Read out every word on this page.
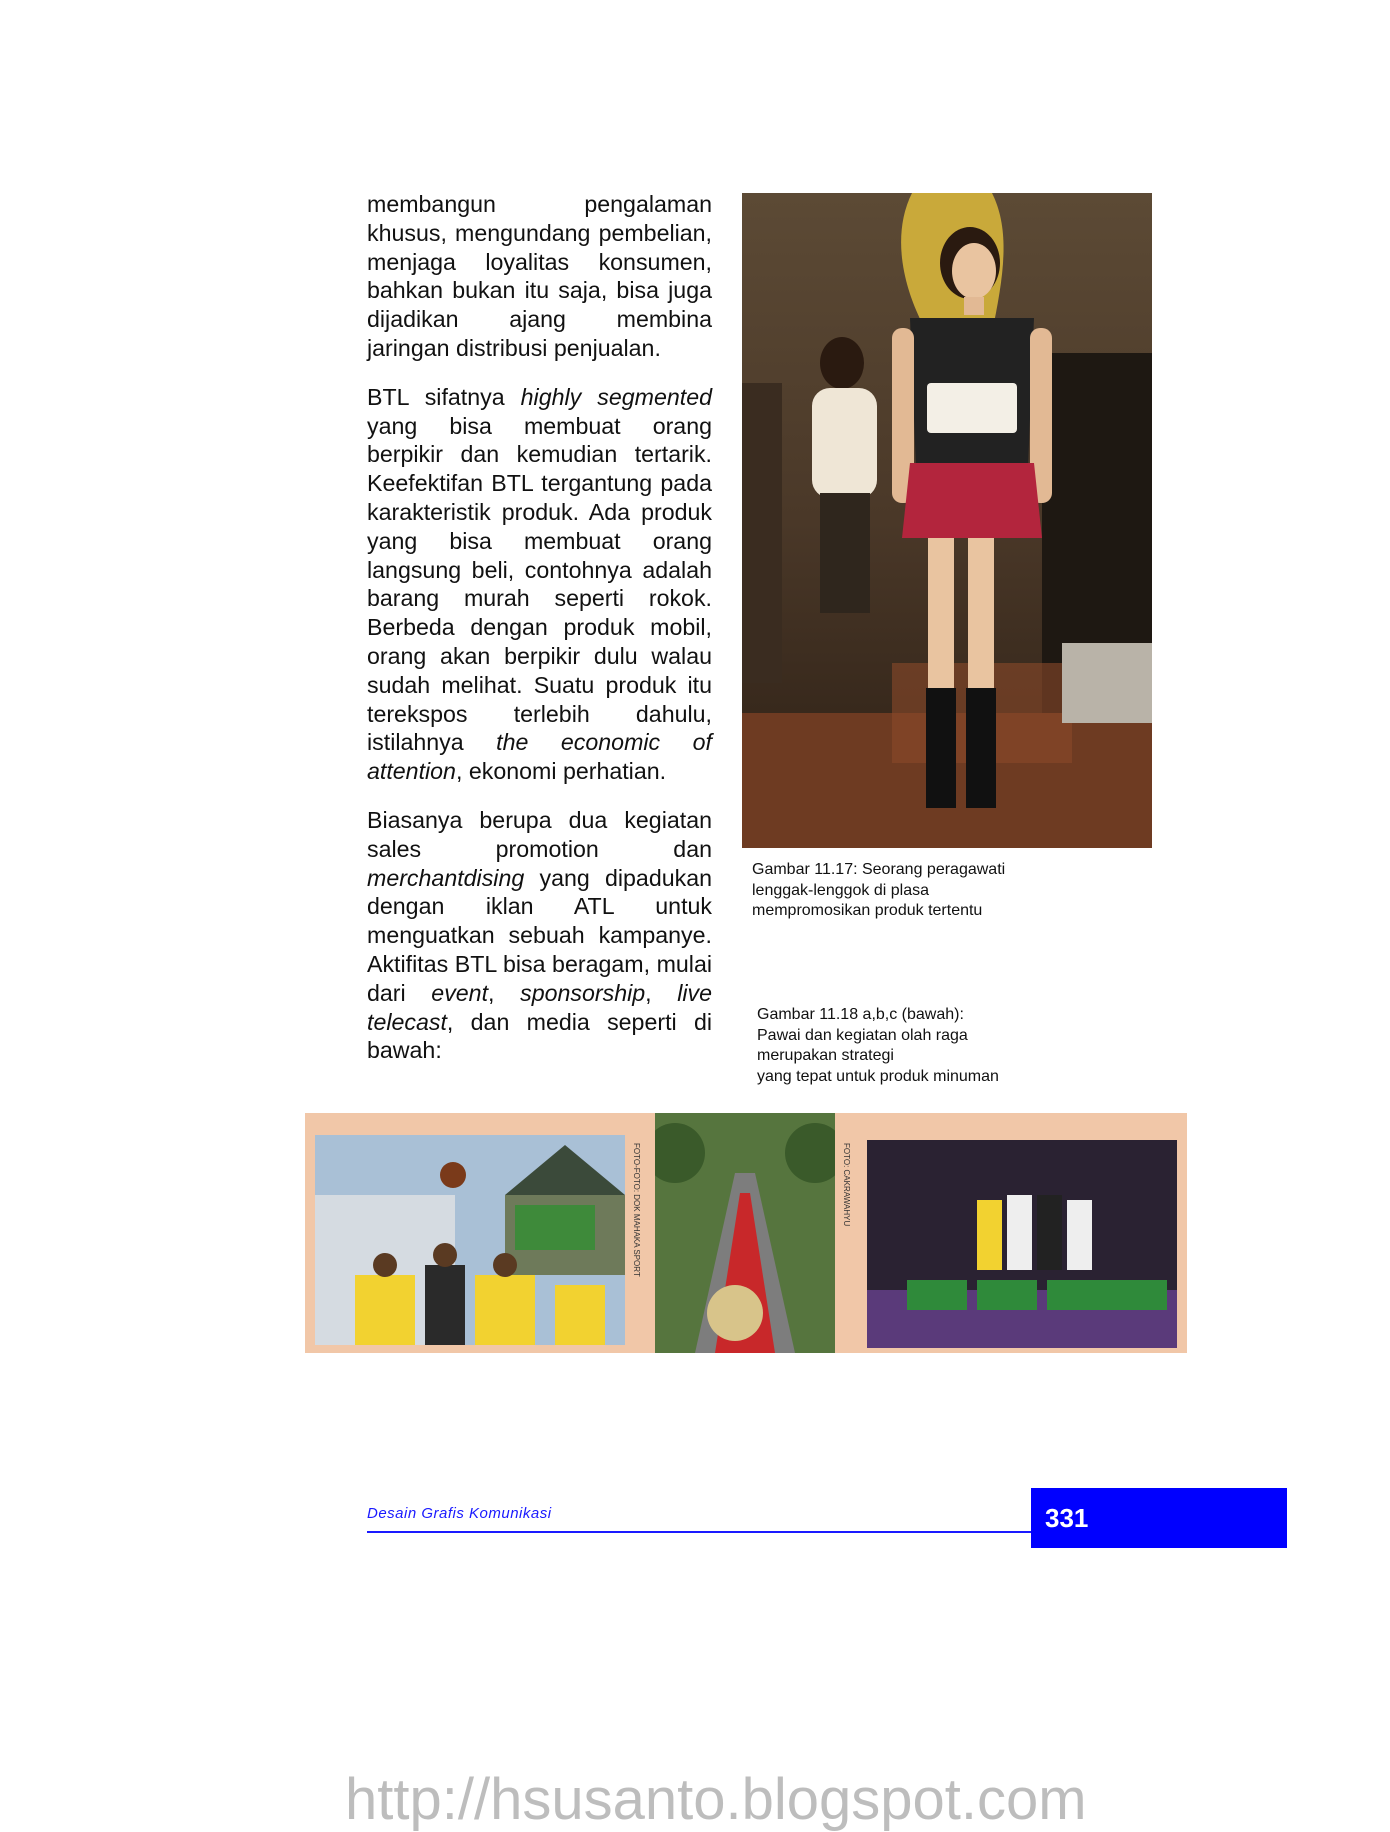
membangun pengalaman khusus, mengundang pembelian, menjaga loyalitas konsumen, bahkan bukan itu saja, bisa juga dijadikan ajang membina jaringan distribusi penjualan.

BTL sifatnya highly segmented yang bisa membuat orang berpikir dan kemudian tertarik. Keefektifan BTL tergantung pada karakteristik produk. Ada produk yang bisa membuat orang langsung beli, contohnya adalah barang murah seperti rokok. Berbeda dengan produk mobil, orang akan berpikir dulu walau sudah melihat. Suatu produk itu terekspos terlebih dahulu, istilahnya the economic of attention, ekonomi perhatian.

Biasanya berupa dua kegiatan sales promotion dan merchantdising yang dipadukan dengan iklan ATL untuk menguatkan sebuah kampanye. Aktifitas BTL bisa beragam, mulai dari event, sponsorship, live telecast, dan media seperti di bawah:

Gambar 11.17: Seorang peragawati
lenggak-lenggok di plasa
mempromosikan produk tertentu
Gambar 11.18 a,b,c (bawah):
Pawai dan kegiatan olah raga
merupakan strategi
yang tepat untuk produk minuman
FOTO-FOTO: DOK MAHAKA SPORT	FOTO: CAKRAWAHYU
Desain Grafis Komunikasi	331
http://hsusanto.blogspot.com
